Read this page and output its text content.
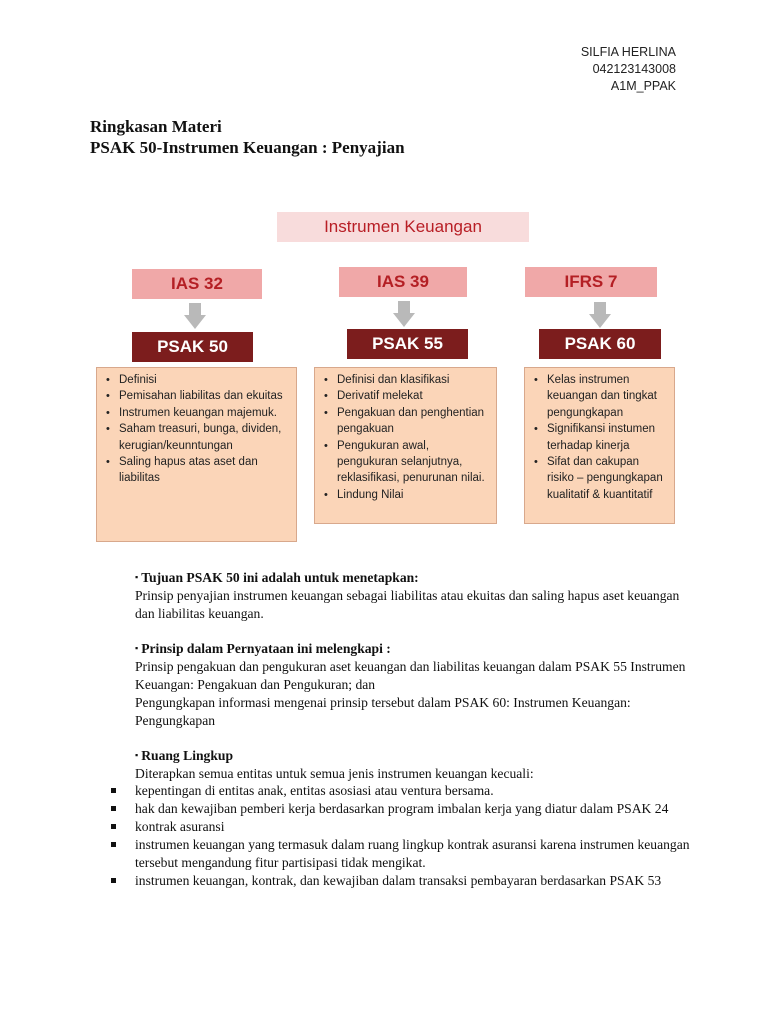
SILFIA HERLINA
042123143008
A1M_PPAK
Ringkasan Materi
PSAK 50-Instrumen Keuangan : Penyajian
Instrumen Keuangan
IAS 32
PSAK 50
• Definisi
• Pemisahan liabilitas dan ekuitas
• Instrumen keuangan majemuk.
• Saham treasuri, bunga, dividen, kerugian/keunntungan
• Saling hapus atas aset dan liabilitas
IAS 39
PSAK 55
• Definisi dan klasifikasi
• Derivatif melekat
• Pengakuan dan penghentian pengakuan
• Pengukuran awal, pengukuran selanjutnya, reklasifikasi, penurunan nilai.
• Lindung Nilai
IFRS 7
PSAK 60
• Kelas instrumen keuangan dan tingkat pengungkapan
• Signifikansi instumen terhadap kinerja
• Sifat dan cakupan risiko – pengungkapan kualitatif & kuantitatif
▪ Tujuan PSAK 50 ini adalah untuk menetapkan:
Prinsip penyajian instrumen keuangan sebagai liabilitas atau ekuitas dan saling hapus aset keuangan dan liabilitas keuangan.
▪ Prinsip dalam Pernyataan ini melengkapi :
Prinsip pengakuan dan pengukuran aset keuangan dan liabilitas keuangan dalam PSAK 55 Instrumen Keuangan: Pengakuan dan Pengukuran; dan
Pengungkapan informasi mengenai prinsip tersebut dalam PSAK 60: Instrumen Keuangan: Pengungkapan
▪ Ruang Lingkup
Diterapkan semua entitas untuk semua jenis instrumen keuangan kecuali:
kepentingan di entitas anak, entitas asosiasi atau ventura bersama.
hak dan kewajiban pemberi kerja berdasarkan program imbalan kerja yang diatur dalam PSAK 24
kontrak asuransi
instrumen keuangan yang termasuk dalam ruang lingkup kontrak asuransi karena instrumen keuangan tersebut mengandung fitur partisipasi tidak mengikat.
instrumen keuangan, kontrak, dan kewajiban dalam transaksi pembayaran berdasarkan PSAK 53
